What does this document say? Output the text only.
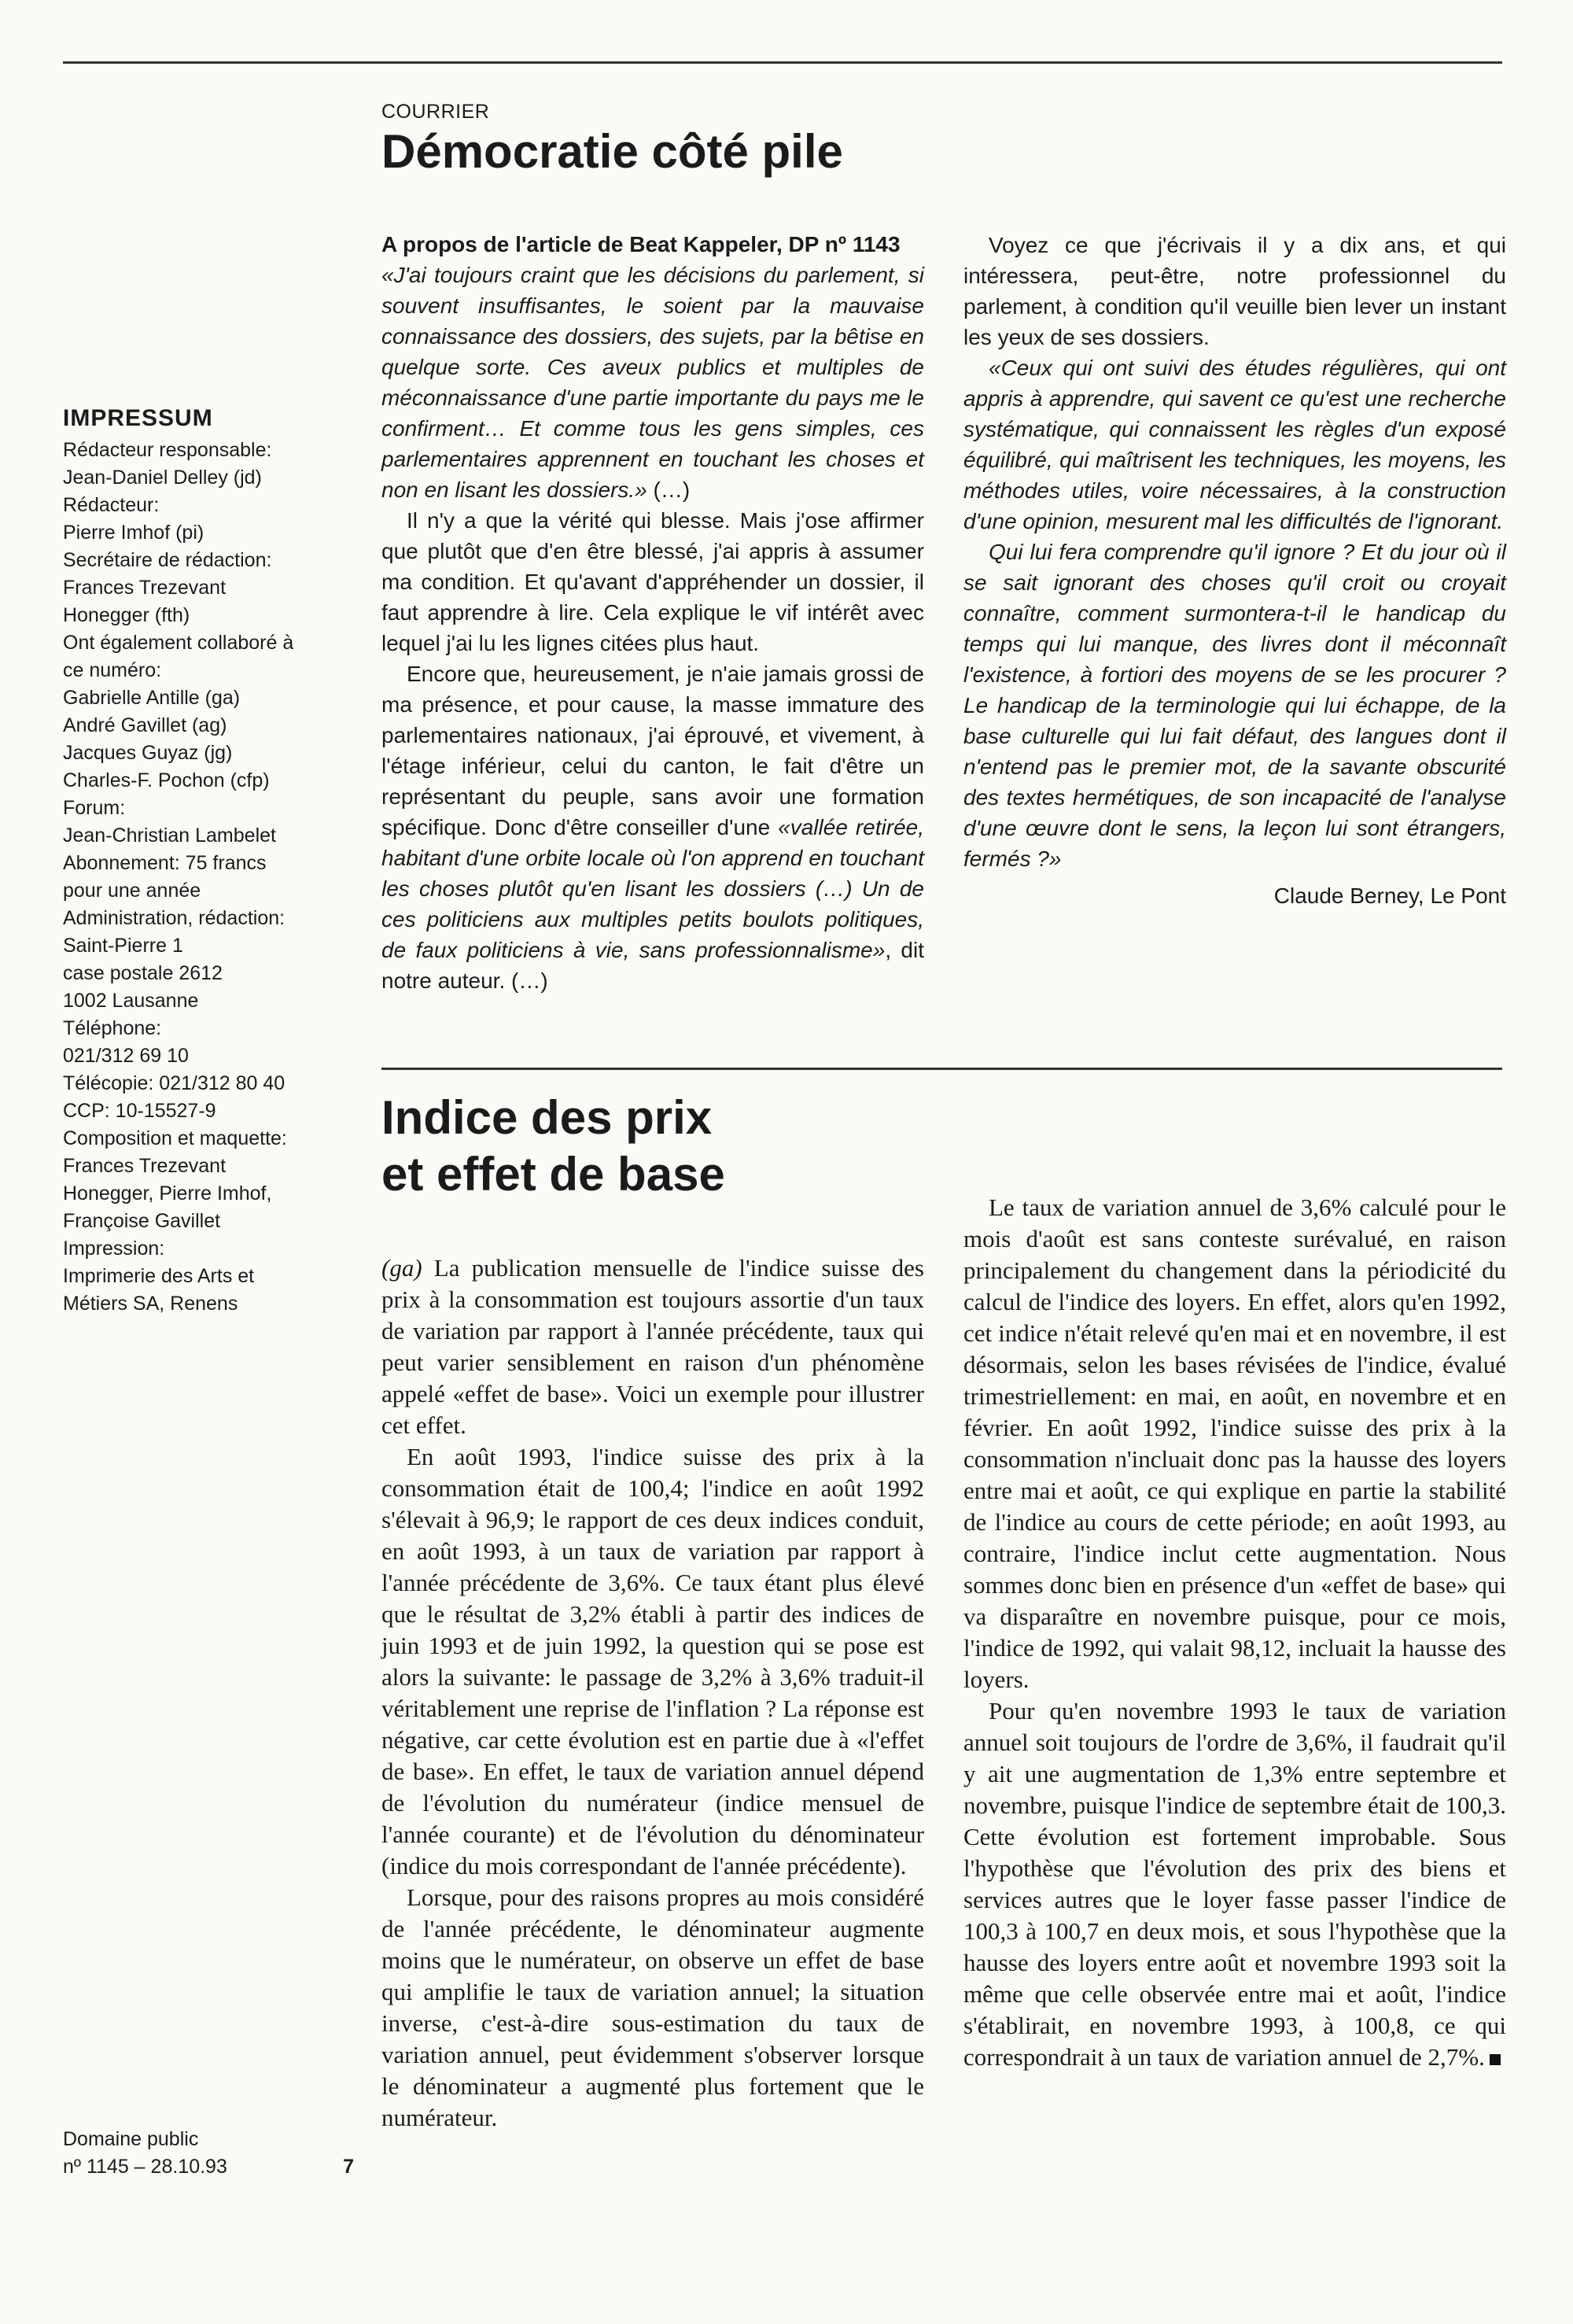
IMPRESSUM
Rédacteur responsable:
Jean-Daniel Delley (jd)
Rédacteur:
Pierre Imhof (pi)
Secrétaire de rédaction:
Frances Trezevant
Honegger (fth)
Ont également collaboré à
ce numéro:
Gabrielle Antille (ga)
André Gavillet (ag)
Jacques Guyaz (jg)
Charles-F. Pochon (cfp)
Forum:
Jean-Christian Lambelet
Abonnement: 75 francs
pour une année
Administration, rédaction:
Saint-Pierre 1
case postale 2612
1002 Lausanne
Téléphone:
021/312 69 10
Télécopie: 021/312 80 40
CCP: 10-15527-9
Composition et maquette:
Frances Trezevant
Honegger, Pierre Imhof,
Françoise Gavillet
Impression:
Imprimerie des Arts et
Métiers SA, Renens
Domaine public
nº 1145 – 28.10.93	7
COURRIER
Démocratie côté pile
A propos de l'article de Beat Kappeler, DP nº 1143

«J'ai toujours craint que les décisions du parlement, si souvent insuffisantes, le soient par la mauvaise connaissance des dossiers, des sujets, par la bêtise en quelque sorte. Ces aveux publics et multiples de méconnaissance d'une partie importante du pays me le confirment… Et comme tous les gens simples, ces parlementaires apprennent en touchant les choses et non en lisant les dossiers.» (…)

Il n'y a que la vérité qui blesse. Mais j'ose affirmer que plutôt que d'en être blessé, j'ai appris à assumer ma condition. Et qu'avant d'appréhender un dossier, il faut apprendre à lire. Cela explique le vif intérêt avec lequel j'ai lu les lignes citées plus haut.

Encore que, heureusement, je n'aie jamais grossi de ma présence, et pour cause, la masse immature des parlementaires nationaux, j'ai éprouvé, et vivement, à l'étage inférieur, celui du canton, le fait d'être un représentant du peuple, sans avoir une formation spécifique. Donc d'être conseiller d'une «vallée retirée, habitant d'une orbite locale où l'on apprend en touchant les choses plutôt qu'en lisant les dossiers (…) Un de ces politiciens aux multiples petits boulots politiques, de faux politiciens à vie, sans professionnalisme», dit notre auteur. (…)

Voyez ce que j'écrivais il y a dix ans, et qui intéressera, peut-être, notre professionnel du parlement, à condition qu'il veuille bien lever un instant les yeux de ses dossiers.

«Ceux qui ont suivi des études régulières, qui ont appris à apprendre, qui savent ce qu'est une recherche systématique, qui connaissent les règles d'un exposé équilibré, qui maîtrisent les techniques, les moyens, les méthodes utiles, voire nécessaires, à la construction d'une opinion, mesurent mal les difficultés de l'ignorant.

Qui lui fera comprendre qu'il ignore ? Et du jour où il se sait ignorant des choses qu'il croit ou croyait connaître, comment surmontera-t-il le handicap du temps qui lui manque, des livres dont il méconnaît l'existence, à fortiori des moyens de se les procurer ? Le handicap de la terminologie qui lui échappe, de la base culturelle qui lui fait défaut, des langues dont il n'entend pas le premier mot, de la savante obscurité des textes hermétiques, de son incapacité de l'analyse d'une œuvre dont le sens, la leçon lui sont étrangers, fermés ?»

Claude Berney, Le Pont
Indice des prix
et effet de base

(ga) La publication mensuelle de l'indice suisse des prix à la consommation est toujours assortie d'un taux de variation par rapport à l'année précédente, taux qui peut varier sensiblement en raison d'un phénomène appelé «effet de base». Voici un exemple pour illustrer cet effet.

En août 1993, l'indice suisse des prix à la consommation était de 100,4; l'indice en août 1992 s'élevait à 96,9; le rapport de ces deux indices conduit, en août 1993, à un taux de variation par rapport à l'année précédente de 3,6%. Ce taux étant plus élevé que le résultat de 3,2% établi à partir des indices de juin 1993 et de juin 1992, la question qui se pose est alors la suivante: le passage de 3,2% à 3,6% traduit-il véritablement une reprise de l'inflation ? La réponse est négative, car cette évolution est en partie due à «l'effet de base». En effet, le taux de variation annuel dépend de l'évolution du numérateur (indice mensuel de l'année courante) et de l'évolution du dénominateur (indice du mois correspondant de l'année précédente).

Lorsque, pour des raisons propres au mois considéré de l'année précédente, le dénominateur augmente moins que le numérateur, on observe un effet de base qui amplifie le taux de variation annuel; la situation inverse, c'est-à-dire sous-estimation du taux de variation annuel, peut évidemment s'observer lorsque le dénominateur a augmenté plus fortement que le numérateur.

Le taux de variation annuel de 3,6% calculé pour le mois d'août est sans conteste surévalué, en raison principalement du changement dans la périodicité du calcul de l'indice des loyers. En effet, alors qu'en 1992, cet indice n'était relevé qu'en mai et en novembre, il est désormais, selon les bases révisées de l'indice, évalué trimestriellement: en mai, en août, en novembre et en février. En août 1992, l'indice suisse des prix à la consommation n'incluait donc pas la hausse des loyers entre mai et août, ce qui explique en partie la stabilité de l'indice au cours de cette période; en août 1993, au contraire, l'indice inclut cette augmentation. Nous sommes donc bien en présence d'un «effet de base» qui va disparaître en novembre puisque, pour ce mois, l'indice de 1992, qui valait 98,12, incluait la hausse des loyers.

Pour qu'en novembre 1993 le taux de variation annuel soit toujours de l'ordre de 3,6%, il faudrait qu'il y ait une augmentation de 1,3% entre septembre et novembre, puisque l'indice de septembre était de 100,3. Cette évolution est fortement improbable. Sous l'hypothèse que l'évolution des prix des biens et services autres que le loyer fasse passer l'indice de 100,3 à 100,7 en deux mois, et sous l'hypothèse que la hausse des loyers entre août et novembre 1993 soit la même que celle observée entre mai et août, l'indice s'établirait, en novembre 1993, à 100,8, ce qui correspondrait à un taux de variation annuel de 2,7%.
